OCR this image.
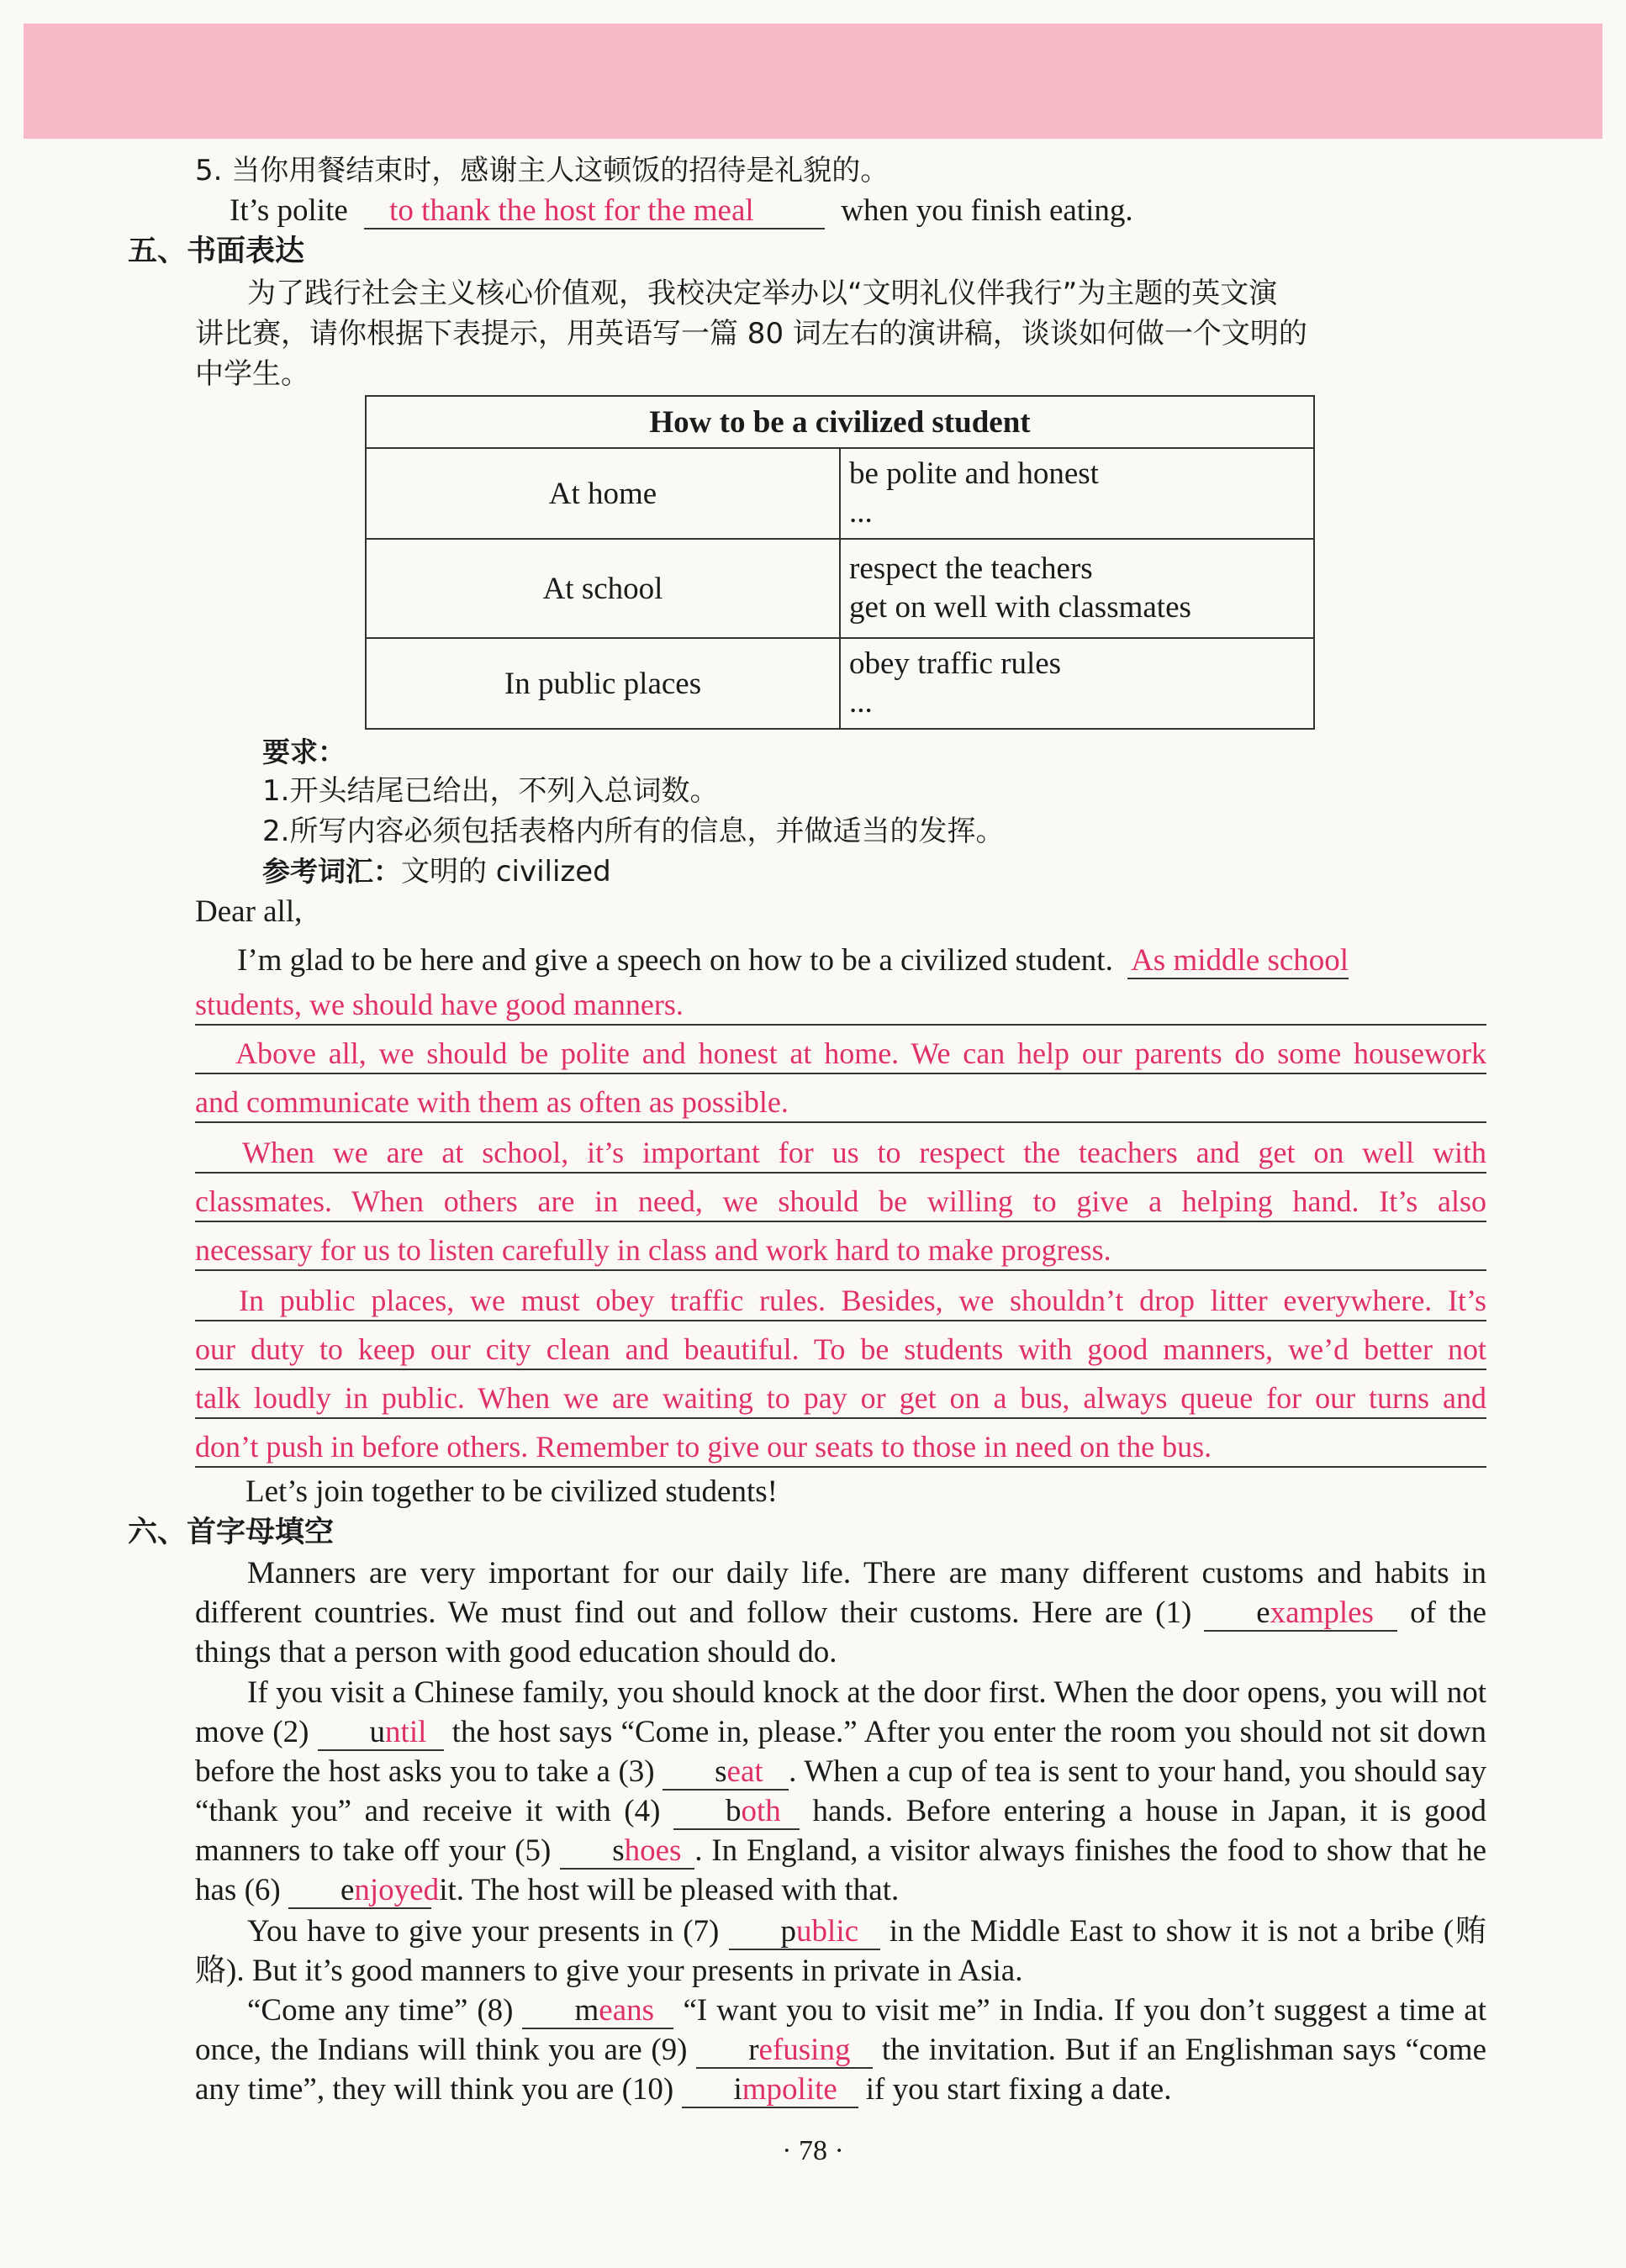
5. 当你用餐结束时，感谢主人这顿饭的招待是礼貌的。
It’s polite to thank the host for the meal	when you finish eating.
五、书面表达
为了践行社会主义核心价值观，我校决定举办以“文明礼仪伴我行”为主题的英文演
讲比赛，请你根据下表提示，用英语写一篇 80 词左右的演讲稿，谈谈如何做一个文明的
中学生。
How to be a civilized student	
At home	be polite and honest
...

At school	respect the teachers
get on well with classmates

In public places	obey traffic rules
...
要求：
1.开头结尾已给出，不列入总词数。
2.所写内容必须包括表格内所有的信息，并做适当的发挥。
参考词汇：文明的 civilized
Dear all,
I’m glad to be here and give a speech on how to be a civilized student. As middle school
students, we should have good manners.
Above all, we should be polite and honest at home. We can help our parents do some housework
and communicate with them as often as possible.
When we are at school, it’s important for us to respect the teachers and get on well with
classmates. When others are in need, we should be willing to give a helping hand. It’s also
necessary for us to listen carefully in class and work hard to make progress.
In public places, we must obey traffic rules. Besides, we shouldn’t drop litter everywhere. It’s
our duty to keep our city clean and beautiful. To be students with good manners, we’d better not
talk loudly in public. When we are waiting to pay or get on a bus, always queue for our turns and
don’t push in before others. Remember to give our seats to those in need on the bus.
Let’s join together to be civilized students!
六、首字母填空
Manners are very important for our daily life. There are many different customs and habits in different countries. We must find out and follow their customs. Here are (1) examples of the things that a person with good education should do.
If you visit a Chinese family, you should knock at the door first. When the door opens, you will not move (2) until the host says “Come in, please.” After you enter the room you should not sit down before the host asks you to take a (3) seat . When a cup of tea is sent to your hand, you should say “thank you” and receive it with (4) both hands. Before entering a house in Japan, it is good manners to take off your (5) shoes . In England, a visitor always finishes the food to show that he has (6) enjoyed it. The host will be pleased with that.
You have to give your presents in (7) public in the Middle East to show it is not a bribe (贿赂). But it’s good manners to give your presents in private in Asia.
“Come any time” (8) means “I want you to visit me” in India. If you don’t suggest a time at once, the Indians will think you are (9) refusing the invitation. But if an Englishman says “come any time”, they will think you are (10) impolite if you start fixing a date.
· 78 ·
